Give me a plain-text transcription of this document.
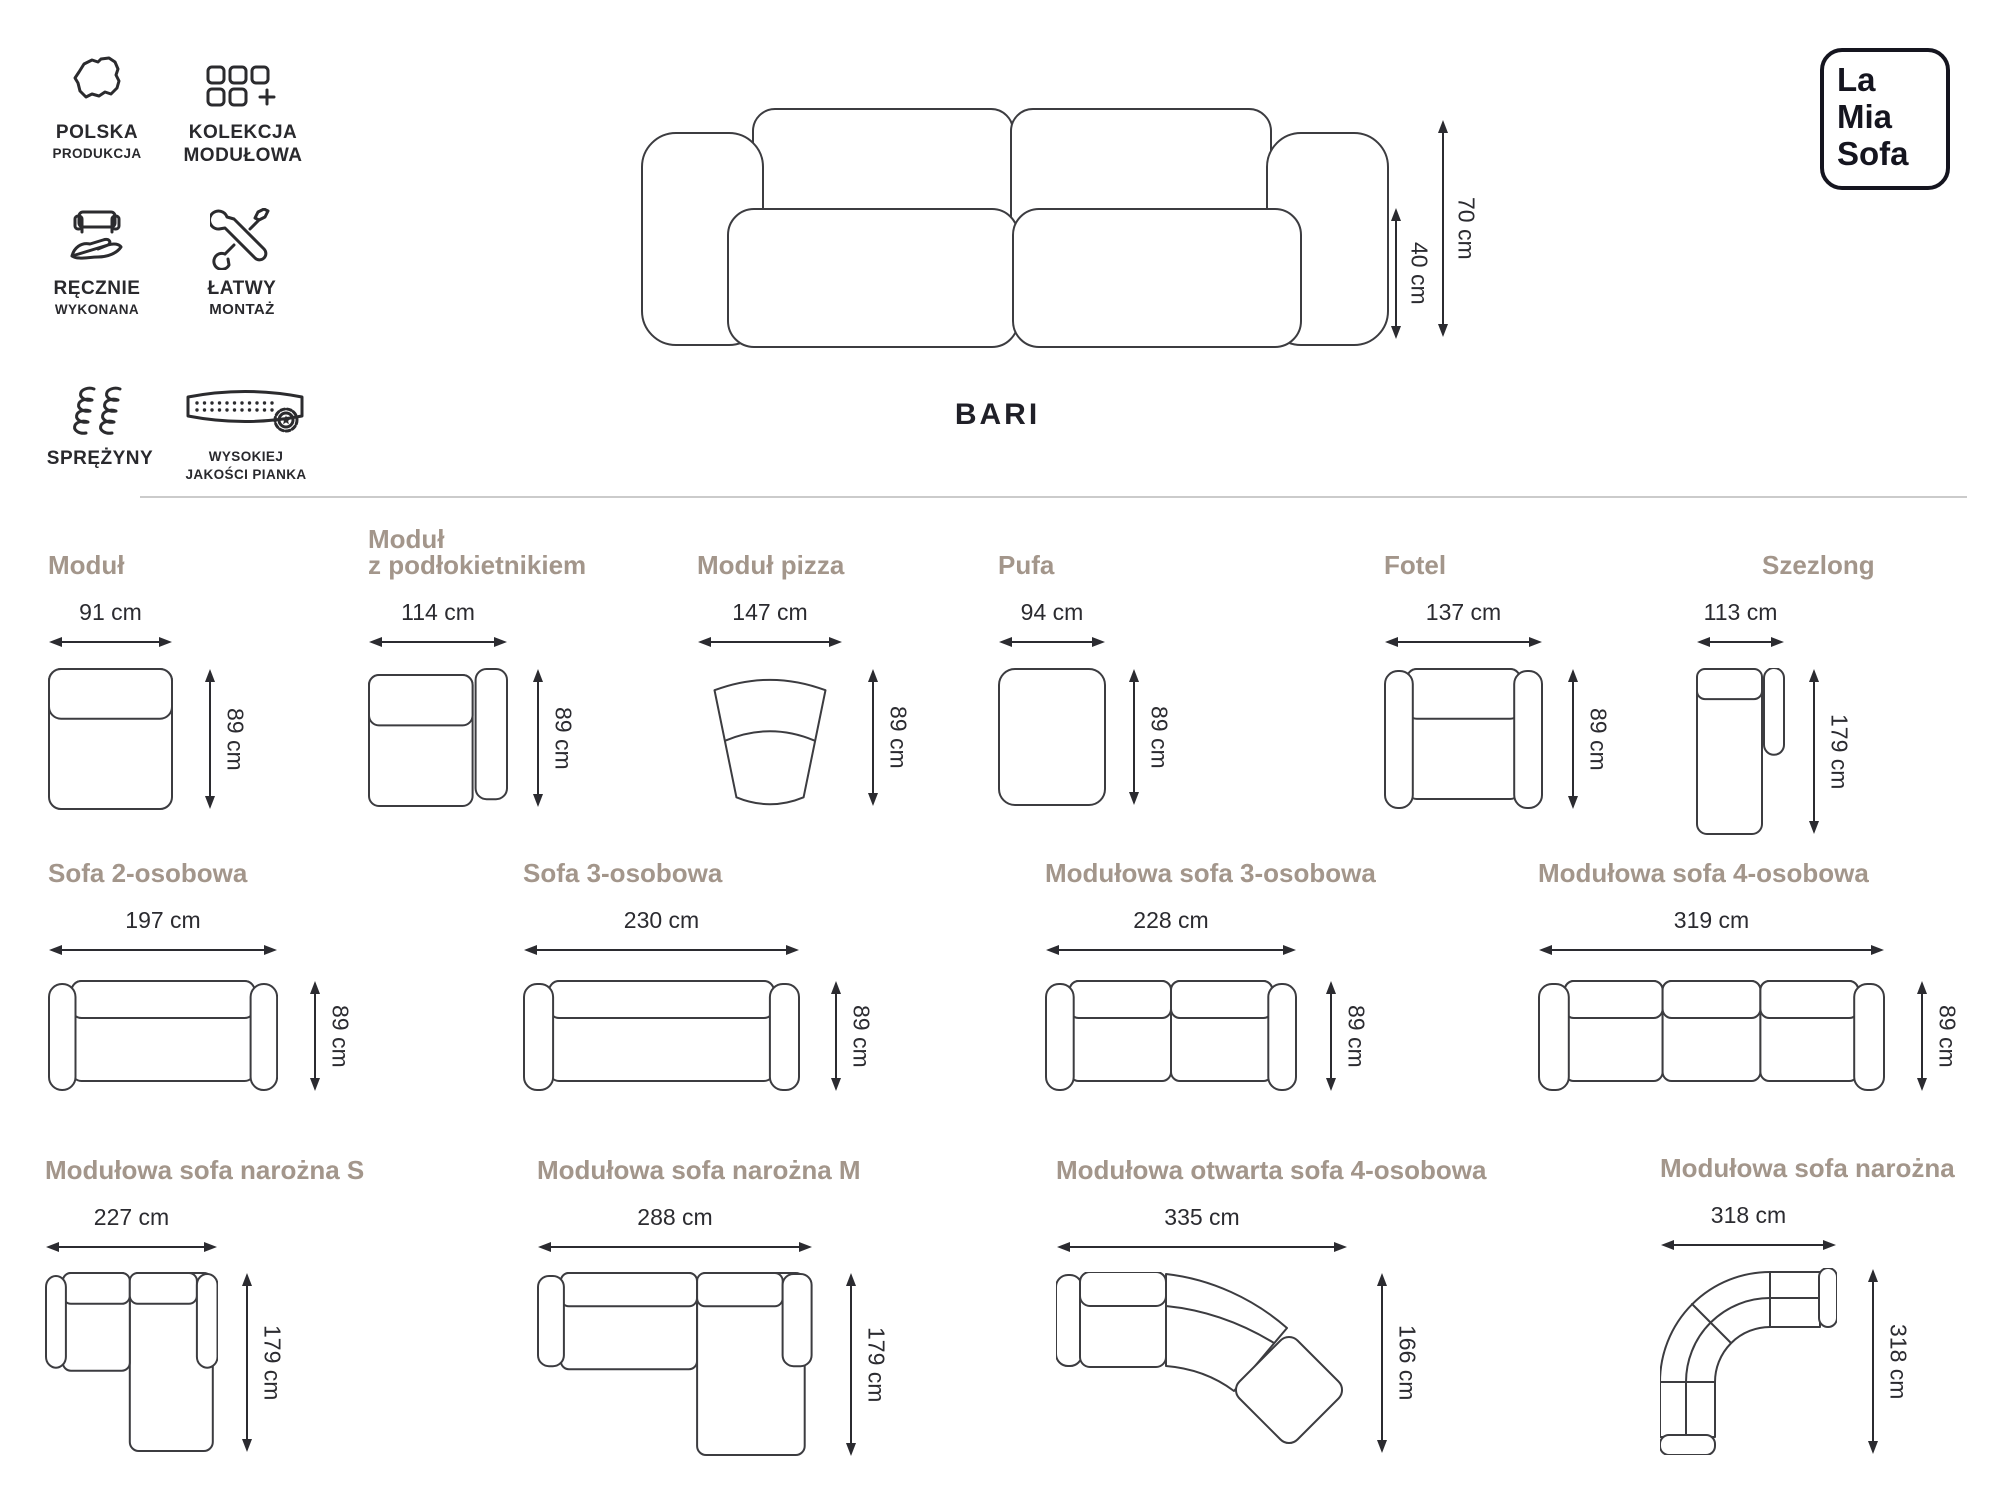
POLSKA
PRODUKCJA
KOLEKCJA
MODUŁOWA
RĘCZNIE
WYKONANA
ŁATWY
MONTAŻ
SPRĘŻYNY	WYSOKIEJ
JAKOŚCI PIANKA
40 cm
70 cm
BARI
La
Mia
Sofa
Moduł
91 cm
89 cm
Moduł
z podłokietnikiem
114 cm
89 cm
Moduł pizza
147 cm
89 cm
Pufa
94 cm
89 cm
Fotel
137 cm
89 cm
Szezlong
113 cm
179 cm
Sofa 2-osobowa
197 cm
89 cm
Sofa 3-osobowa
230 cm
89 cm
Modułowa sofa 3-osobowa
228 cm
89 cm
Modułowa sofa 4-osobowa
319 cm
89 cm
Modułowa sofa narożna S
227 cm
179 cm
Modułowa sofa narożna M
288 cm
179 cm
Modułowa otwarta sofa 4-osobowa
335 cm
166 cm
Modułowa sofa narożna
318 cm
318 cm
